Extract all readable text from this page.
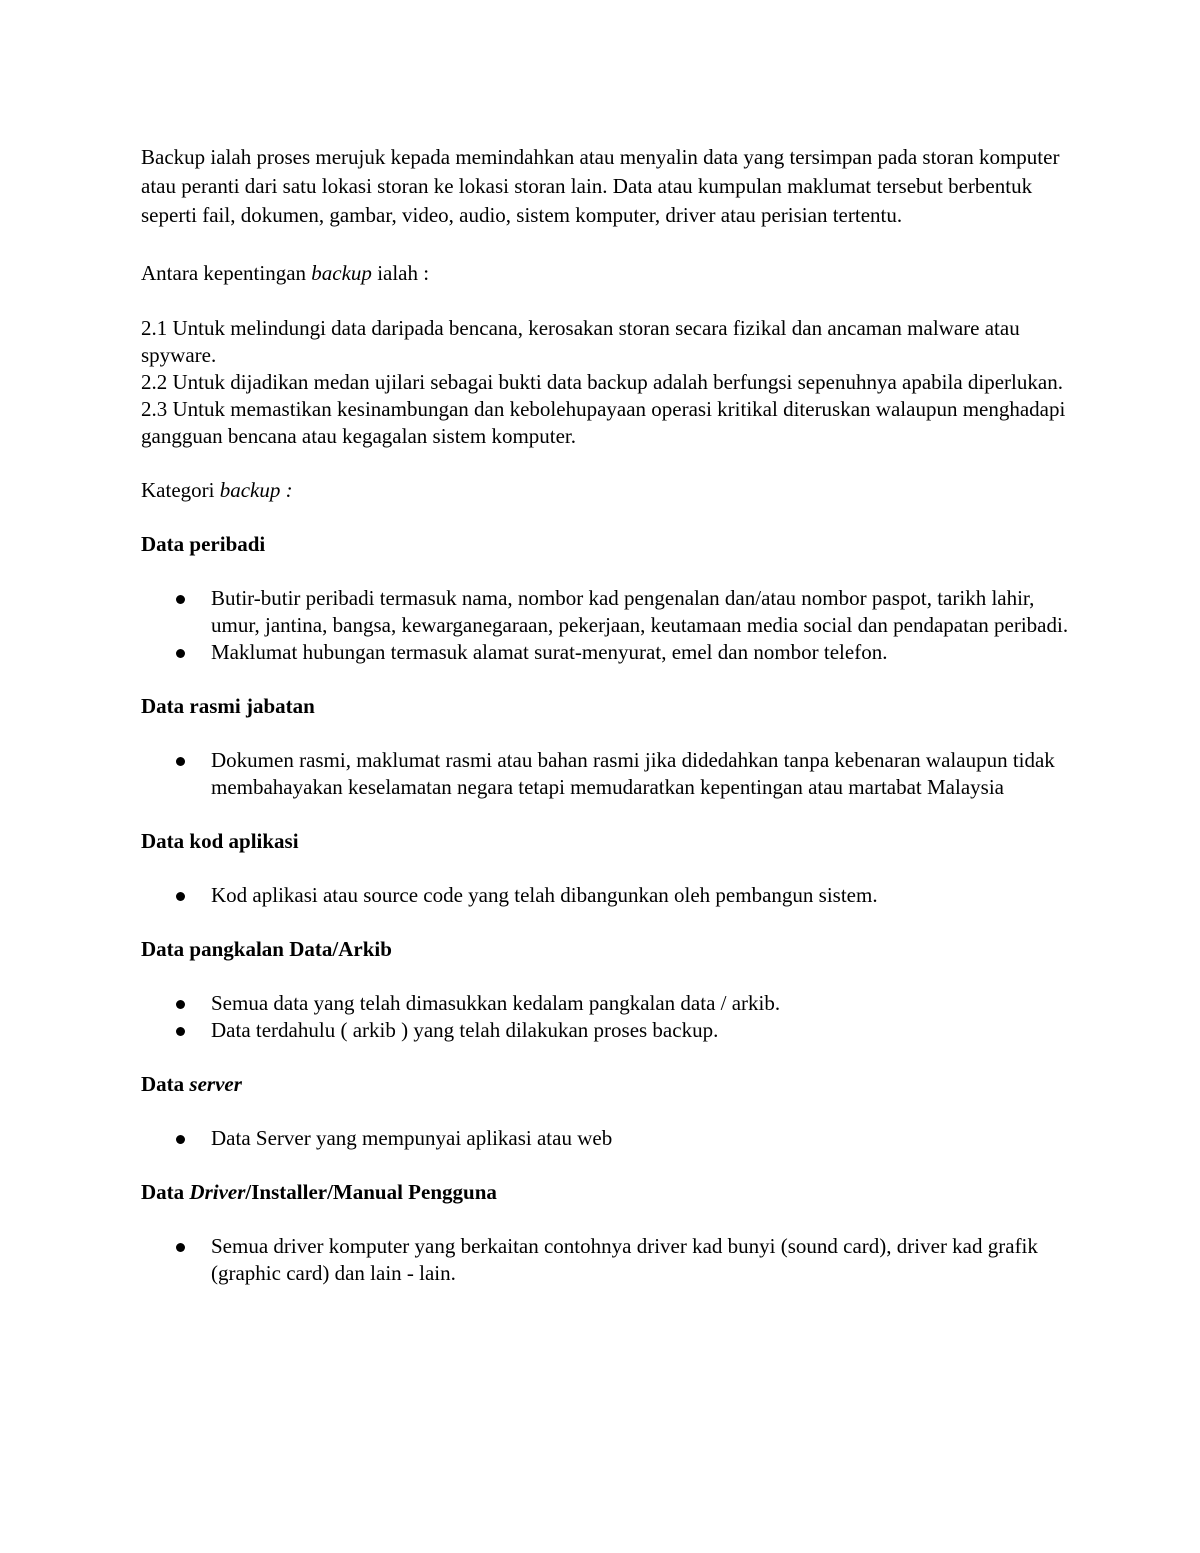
Backup ialah proses merujuk kepada memindahkan atau menyalin data yang tersimpan pada storan komputer atau peranti dari satu lokasi storan ke lokasi storan lain. Data atau kumpulan maklumat tersebut berbentuk seperti fail, dokumen, gambar, video, audio, sistem komputer, driver atau perisian tertentu.

Antara kepentingan backup ialah :

2.1 Untuk melindungi data daripada bencana, kerosakan storan secara fizikal dan ancaman malware atau spyware.

2.2 Untuk dijadikan medan ujilari sebagai bukti data backup adalah berfungsi sepenuhnya apabila diperlukan.

2.3 Untuk memastikan kesinambungan dan kebolehupayaan operasi kritikal diteruskan walaupun menghadapi gangguan bencana atau kegagalan sistem komputer.

Kategori backup :

Data peribadi

Butir-butir peribadi termasuk nama, nombor kad pengenalan dan/atau nombor paspot, tarikh lahir, umur, jantina, bangsa, kewarganegaraan, pekerjaan, keutamaan media social dan pendapatan peribadi.
Maklumat hubungan termasuk alamat surat-menyurat, emel dan nombor telefon.

Data rasmi jabatan

Dokumen rasmi, maklumat rasmi atau bahan rasmi jika didedahkan tanpa kebenaran walaupun tidak membahayakan keselamatan negara tetapi memudaratkan kepentingan atau martabat Malaysia

Data kod aplikasi

Kod aplikasi atau source code yang telah dibangunkan oleh pembangun sistem.

Data pangkalan Data/Arkib

Semua data yang telah dimasukkan kedalam pangkalan data / arkib.
Data terdahulu ( arkib ) yang telah dilakukan proses backup.

Data server

Data Server yang mempunyai aplikasi atau web

Data Driver/Installer/Manual Pengguna

Semua driver komputer yang berkaitan contohnya driver kad bunyi (sound card), driver kad grafik (graphic card) dan lain - lain.
